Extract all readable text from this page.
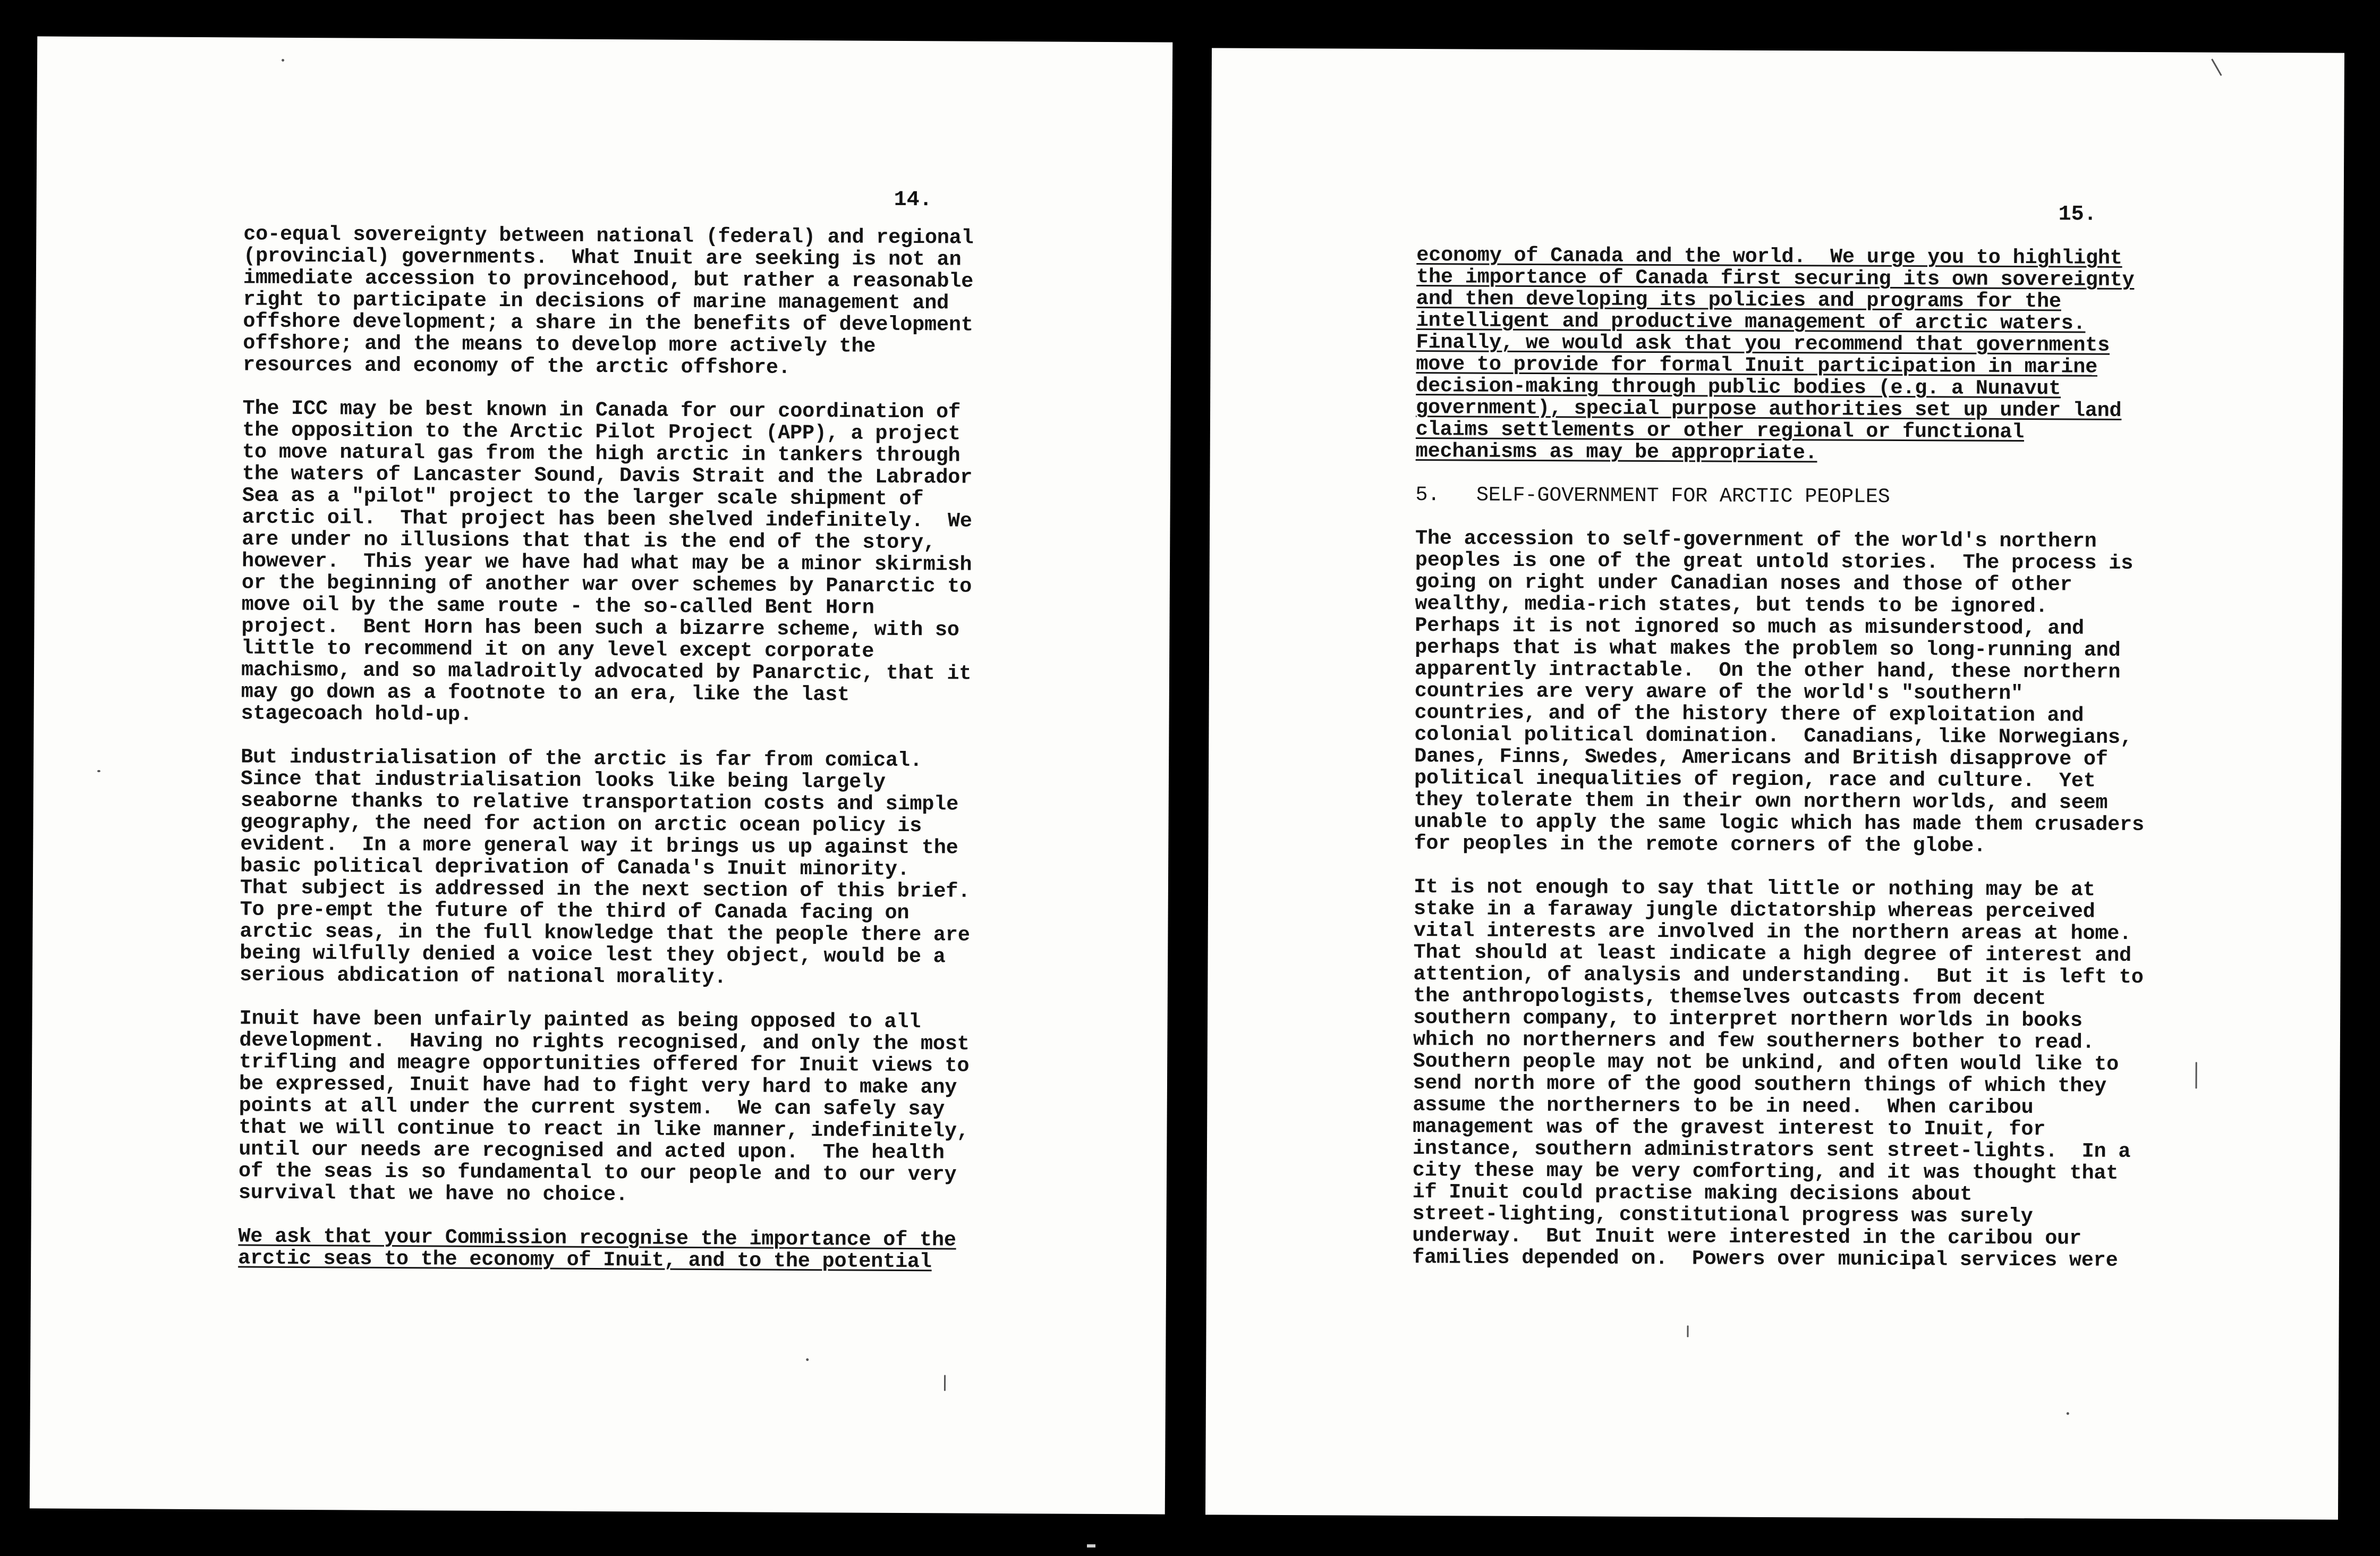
14.
co-equal sovereignty between national (federal) and regional
(provincial) governments.  What Inuit are seeking is not an
immediate accession to provincehood, but rather a reasonable
right to participate in decisions of marine management and
offshore development; a share in the benefits of development
offshore; and the means to develop more actively the
resources and economy of the arctic offshore.
The ICC may be best known in Canada for our coordination of
the opposition to the Arctic Pilot Project (APP), a project
to move natural gas from the high arctic in tankers through
the waters of Lancaster Sound, Davis Strait and the Labrador
Sea as a "pilot" project to the larger scale shipment of
arctic oil.  That project has been shelved indefinitely.  We
are under no illusions that that is the end of the story,
however.  This year we have had what may be a minor skirmish
or the beginning of another war over schemes by Panarctic to
move oil by the same route - the so-called Bent Horn
project.  Bent Horn has been such a bizarre scheme, with so
little to recommend it on any level except corporate
machismo, and so maladroitly advocated by Panarctic, that it
may go down as a footnote to an era, like the last
stagecoach hold-up.
But industrialisation of the arctic is far from comical.
Since that industrialisation looks like being largely
seaborne thanks to relative transportation costs and simple
geography, the need for action on arctic ocean policy is
evident.  In a more general way it brings us up against the
basic political deprivation of Canada's Inuit minority.
That subject is addressed in the next section of this brief.
To pre-empt the future of the third of Canada facing on
arctic seas, in the full knowledge that the people there are
being wilfully denied a voice lest they object, would be a
serious abdication of national morality.
Inuit have been unfairly painted as being opposed to all
development.  Having no rights recognised, and only the most
trifling and meagre opportunities offered for Inuit views to
be expressed, Inuit have had to fight very hard to make any
points at all under the current system.  We can safely say
that we will continue to react in like manner, indefinitely,
until our needs are recognised and acted upon.  The health
of the seas is so fundamental to our people and to our very
survival that we have no choice.
We ask that your Commission recognise the importance of the
arctic seas to the economy of Inuit, and to the potential
15.
economy of Canada and the world.  We urge you to highlight
the importance of Canada first securing its own sovereignty
and then developing its policies and programs for the
intelligent and productive management of arctic waters.
Finally, we would ask that you recommend that governments
move to provide for formal Inuit participation in marine
decision-making through public bodies (e.g. a Nunavut
government), special purpose authorities set up under land
claims settlements or other regional or functional
mechanisms as may be appropriate.
5.   SELF-GOVERNMENT FOR ARCTIC PEOPLES
The accession to self-government of the world's northern
peoples is one of the great untold stories.  The process is
going on right under Canadian noses and those of other
wealthy, media-rich states, but tends to be ignored.
Perhaps it is not ignored so much as misunderstood, and
perhaps that is what makes the problem so long-running and
apparently intractable.  On the other hand, these northern
countries are very aware of the world's "southern"
countries, and of the history there of exploitation and
colonial political domination.  Canadians, like Norwegians,
Danes, Finns, Swedes, Americans and British disapprove of
political inequalities of region, race and culture.  Yet
they tolerate them in their own northern worlds, and seem
unable to apply the same logic which has made them crusaders
for peoples in the remote corners of the globe.
It is not enough to say that little or nothing may be at
stake in a faraway jungle dictatorship whereas perceived
vital interests are involved in the northern areas at home.
That should at least indicate a high degree of interest and
attention, of analysis and understanding.  But it is left to
the anthropologists, themselves outcasts from decent
southern company, to interpret northern worlds in books
which no northerners and few southerners bother to read.
Southern people may not be unkind, and often would like to
send north more of the good southern things of which they
assume the northerners to be in need.  When caribou
management was of the gravest interest to Inuit, for
instance, southern administrators sent street-lights.  In a
city these may be very comforting, and it was thought that
if Inuit could practise making decisions about
street-lighting, constitutional progress was surely
underway.  But Inuit were interested in the caribou our
families depended on.  Powers over municipal services were
